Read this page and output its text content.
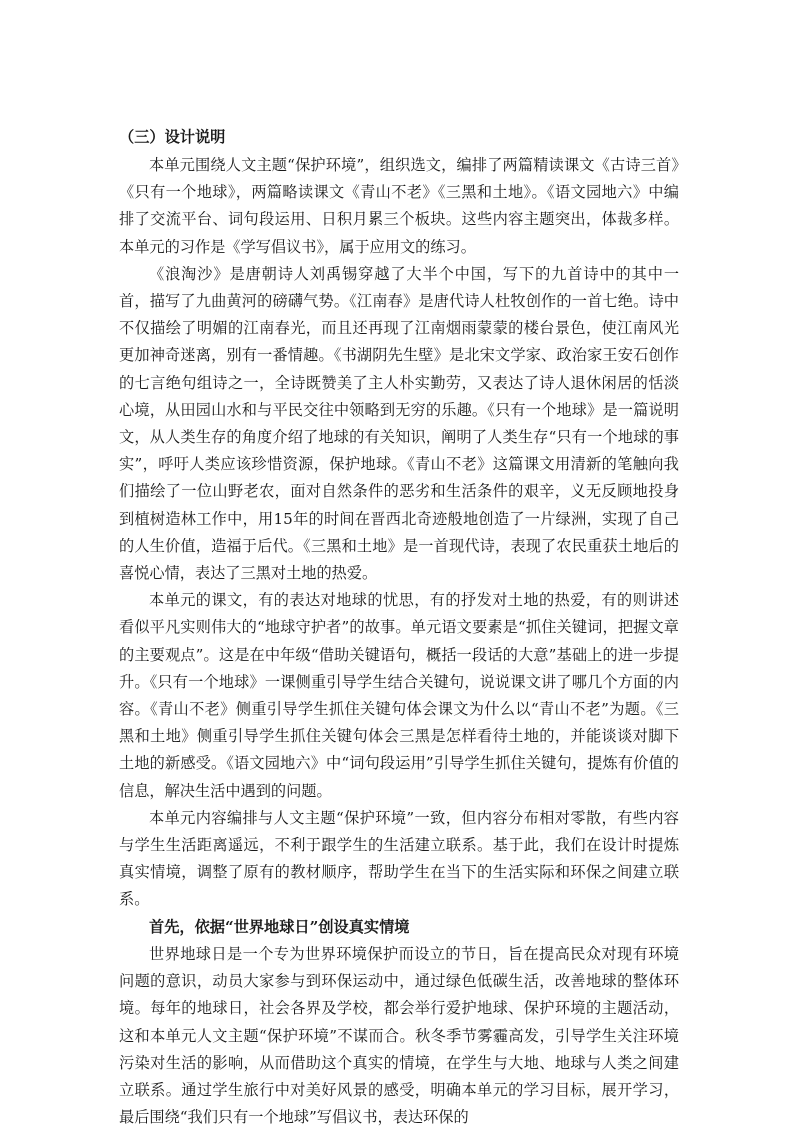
（三）设计说明

本单元围绕人文主题“保护环境”，组织选文，编排了两篇精读课文《古诗三首》《只有一个地球》，两篇略读课文《青山不老》《三黑和土地》。《语文园地六》中编排了交流平台、词句段运用、日积月累三个板块。这些内容主题突出，体裁多样。本单元的习作是《学写倡议书》，属于应用文的练习。

《浪淘沙》是唐朝诗人刘禹锡穿越了大半个中国，写下的九首诗中的其中一首，描写了九曲黄河的磅礴气势。《江南春》是唐代诗人杜牧创作的一首七绝。诗中不仅描绘了明媚的江南春光，而且还再现了江南烟雨蒙蒙的楼台景色，使江南风光更加神奇迷离，别有一番情趣。《书湖阴先生壁》是北宋文学家、政治家王安石创作的七言绝句组诗之一，全诗既赞美了主人朴实勤劳，又表达了诗人退休闲居的恬淡心境，从田园山水和与平民交往中领略到无穷的乐趣。《只有一个地球》是一篇说明文，从人类生存的角度介绍了地球的有关知识，阐明了人类生存“只有一个地球的事实”，呼吁人类应该珍惜资源，保护地球。《青山不老》这篇课文用清新的笔触向我们描绘了一位山野老农，面对自然条件的恶劣和生活条件的艰辛，义无反顾地投身到植树造林工作中，用15年的时间在晋西北奇迹般地创造了一片绿洲，实现了自己的人生价值，造福于后代。《三黑和土地》是一首现代诗，表现了农民重获土地后的喜悦心情，表达了三黑对土地的热爱。

本单元的课文，有的表达对地球的忧思，有的抒发对土地的热爱，有的则讲述看似平凡实则伟大的“地球守护者”的故事。单元语文要素是“抓住关键词，把握文章的主要观点”。这是在中年级“借助关键语句，概括一段话的大意”基础上的进一步提升。《只有一个地球》一课侧重引导学生结合关键句，说说课文讲了哪几个方面的内容。《青山不老》侧重引导学生抓住关键句体会课文为什么以“青山不老”为题。《三黑和土地》侧重引导学生抓住关键句体会三黑是怎样看待土地的，并能谈谈对脚下土地的新感受。《语文园地六》中“词句段运用”引导学生抓住关键句，提炼有价值的信息，解决生活中遇到的问题。

本单元内容编排与人文主题“保护环境”一致，但内容分布相对零散，有些内容与学生生活距离遥远，不利于跟学生的生活建立联系。基于此，我们在设计时提炼真实情境，调整了原有的教材顺序，帮助学生在当下的生活实际和环保之间建立联系。

首先，依据“世界地球日”创设真实情境

世界地球日是一个专为世界环境保护而设立的节日，旨在提高民众对现有环境问题的意识，动员大家参与到环保运动中，通过绿色低碳生活，改善地球的整体环境。每年的地球日，社会各界及学校，都会举行爱护地球、保护环境的主题活动，这和本单元人文主题“保护环境”不谋而合。秋冬季节雾霾高发，引导学生关注环境污染对生活的影响，从而借助这个真实的情境，在学生与大地、地球与人类之间建立联系。通过学生旅行中对美好风景的感受，明确本单元的学习目标，展开学习，最后围绕“我们只有一个地球”写倡议书，表达环保的
